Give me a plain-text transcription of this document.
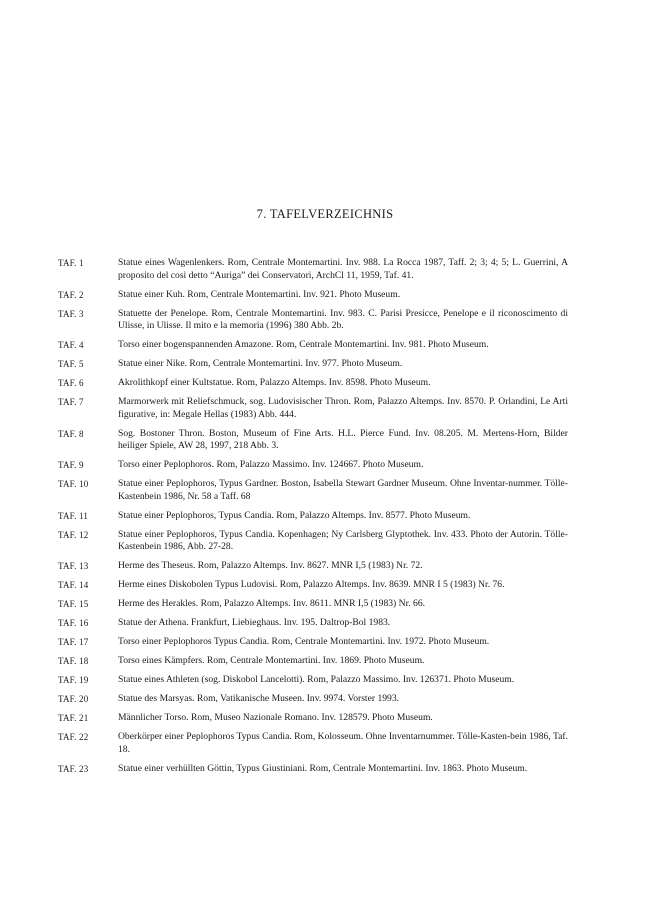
7. TAFELVERZEICHNIS
TAF. 1	Statue eines Wagenlenkers. Rom, Centrale Montemartini. Inv. 988. La Rocca 1987, Taff. 2; 3; 4; 5; L. Guerrini, A proposito del così detto “Auriga” dei Conservatori, ArchCl 11, 1959, Taf. 41.
TAF. 2	Statue einer Kuh. Rom, Centrale Montemartini. Inv. 921. Photo Museum.
TAF. 3	Statuette der Penelope. Rom, Centrale Montemartini. Inv. 983. C. Parisi Presicce, Penelope e il riconoscimento di Ulisse, in Ulisse. Il mito e la memoria (1996) 380 Abb. 2b.
TAF. 4	Torso einer bogenspannenden Amazone. Rom, Centrale Montemartini. Inv. 981. Photo Museum.
TAF. 5	Statue einer Nike. Rom, Centrale Montemartini. Inv. 977. Photo Museum.
TAF. 6	Akrolithkopf einer Kultstatue. Rom, Palazzo Altemps. Inv. 8598. Photo Museum.
TAF. 7	Marmorwerk mit Reliefschmuck, sog. Ludovisischer Thron. Rom, Palazzo Altemps. Inv. 8570. P. Orlandini, Le Arti figurative, in: Megale Hellas (1983) Abb. 444.
TAF. 8	Sog. Bostoner Thron. Boston, Museum of Fine Arts. H.L. Pierce Fund. Inv. 08.205. M. Mertens-Horn, Bilder heiliger Spiele, AW 28, 1997, 218 Abb. 3.
TAF. 9	Torso einer Peplophoros. Rom, Palazzo Massimo. Inv. 124667. Photo Museum.
TAF. 10	Statue einer Peplophoros, Typus Gardner. Boston, Isabella Stewart Gardner Museum. Ohne Inventar-nummer. Tölle-Kastenbein 1986, Nr. 58 a Taff. 68
TAF. 11	Statue einer Peplophoros, Typus Candia. Rom, Palazzo Altemps. Inv. 8577. Photo Museum.
TAF. 12	Statue einer Peplophoros, Typus Candia. Kopenhagen; Ny Carlsberg Glyptothek. Inv. 433. Photo der Autorin. Tölle-Kastenbein 1986, Abb. 27-28.
TAF. 13	Herme des Theseus. Rom, Palazzo Altemps. Inv. 8627. MNR I,5 (1983) Nr. 72.
TAF. 14	Herme eines Diskobolen Typus Ludovisi. Rom, Palazzo Altemps. Inv. 8639. MNR I 5 (1983) Nr. 76.
TAF. 15	Herme des Herakles. Rom, Palazzo Altemps. Inv. 8611. MNR I,5 (1983) Nr. 66.
TAF. 16	Statue der Athena. Frankfurt, Liebieghaus. Inv. 195. Daltrop-Bol 1983.
TAF. 17	Torso einer Peplophoros Typus Candia. Rom, Centrale Montemartini. Inv. 1972. Photo Museum.
TAF. 18	Torso eines Kämpfers. Rom, Centrale Montemartini. Inv. 1869. Photo Museum.
TAF. 19	Statue eines Athleten (sog. Diskobol Lancelotti). Rom, Palazzo Massimo. Inv. 126371. Photo Museum.
TAF. 20	Statue des Marsyas. Rom, Vatikanische Museen. Inv. 9974. Vorster 1993.
TAF. 21	Männlicher Torso. Rom, Museo Nazionale Romano. Inv. 128579. Photo Museum.
TAF. 22	Oberkörper einer Peplophoros Typus Candia. Rom, Kolosseum. Ohne Inventarnummer. Tölle-Kasten-bein 1986, Taf. 18.
TAF. 23	Statue einer verhüllten Göttin, Typus Giustiniani. Rom, Centrale Montemartini. Inv. 1863. Photo Museum.
